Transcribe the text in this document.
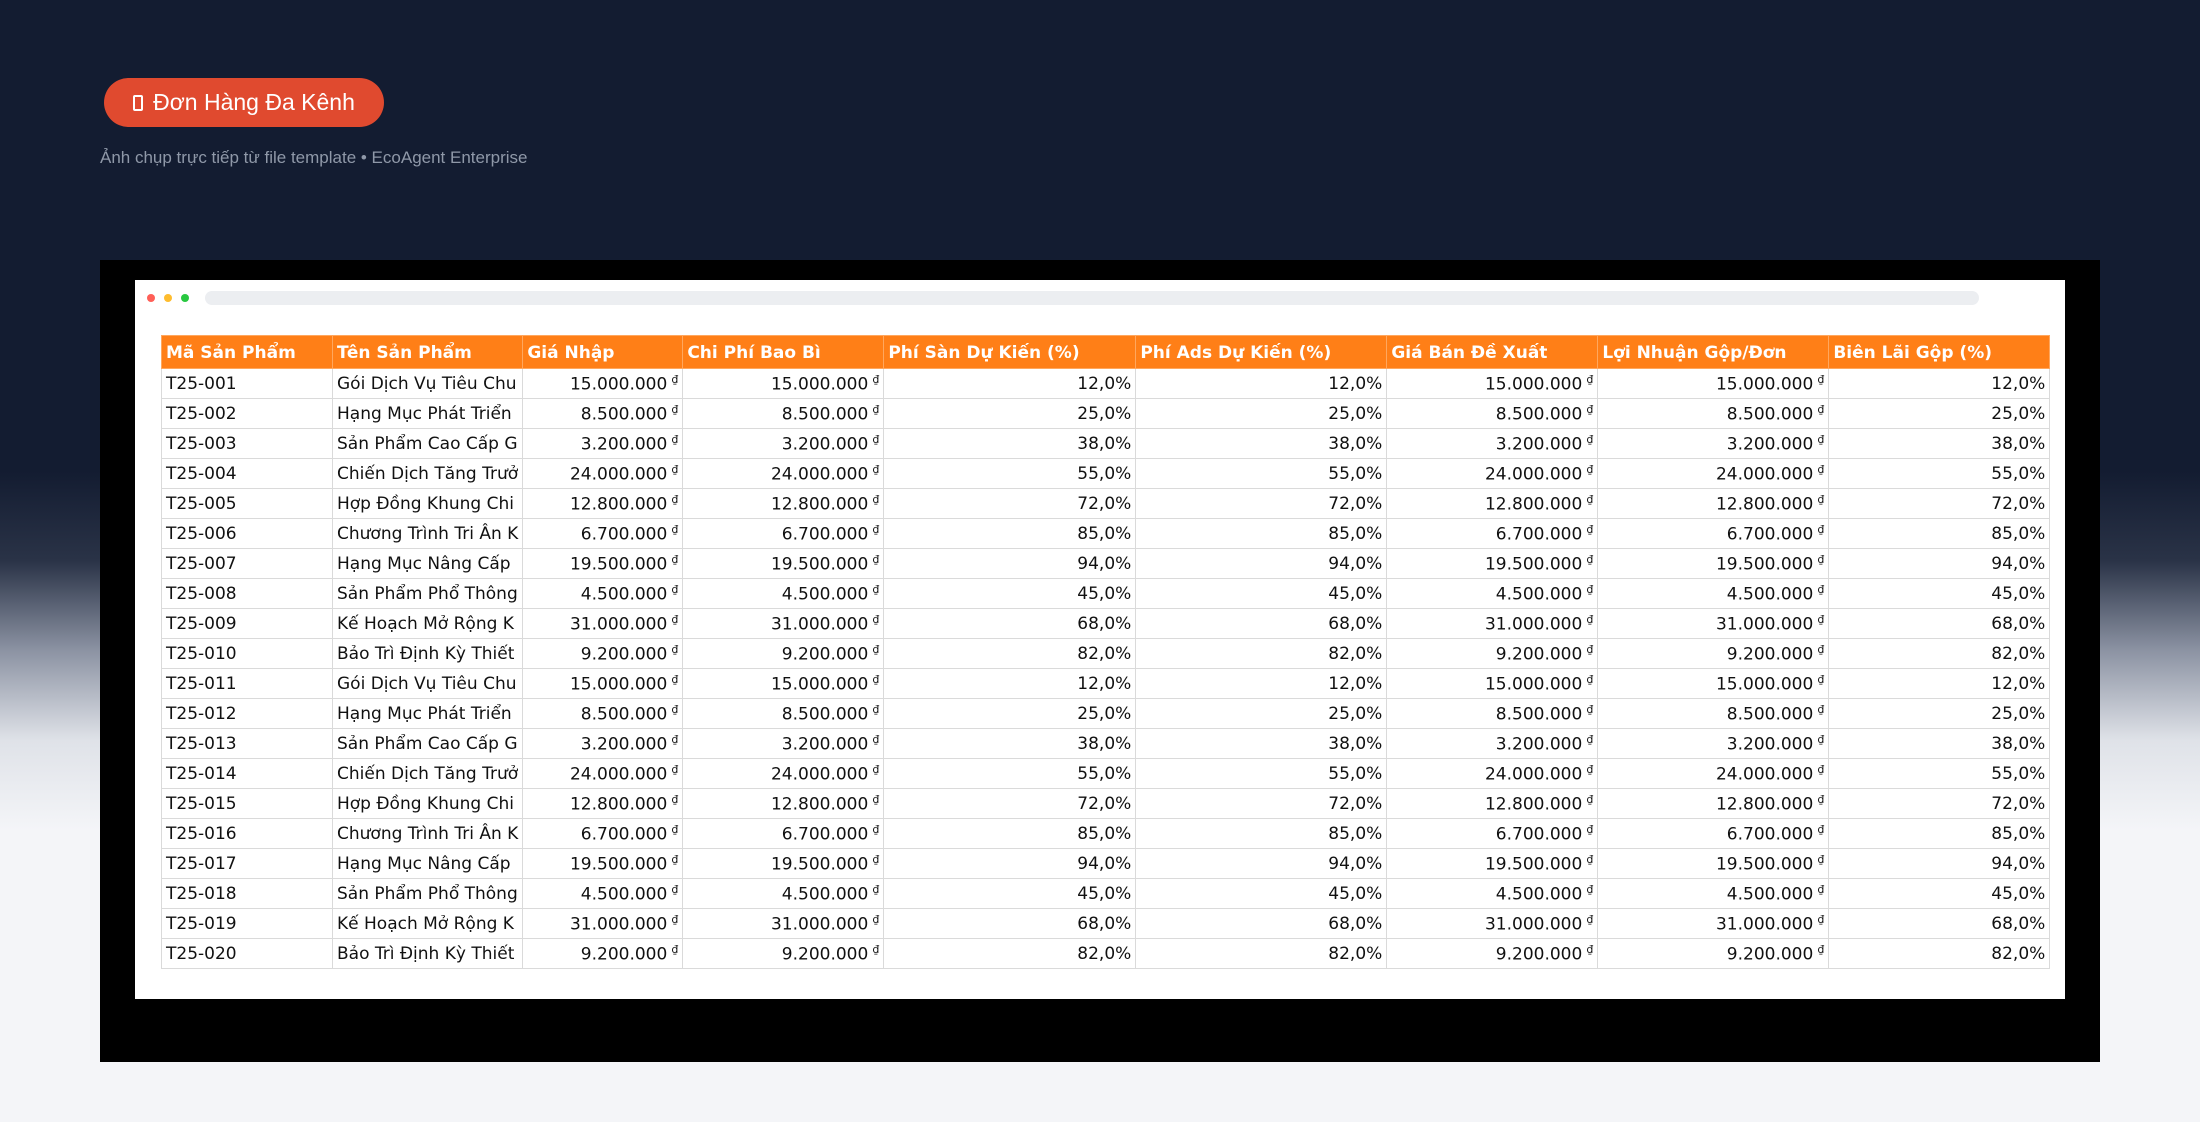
Đơn Hàng Đa Kênh
Ảnh chụp trực tiếp từ file template • EcoAgent Enterprise
Mã Sản Phẩm	Tên Sản Phẩm	Giá Nhập	Chi Phí Bao Bì	Phí Sàn Dự Kiến (%)	Phí Ads Dự Kiến (%)	Giá Bán Đề Xuất	Lợi Nhuận Gộp/Đơn	Biên Lãi Gộp (%)
T25-001	Gói Dịch Vụ Tiêu Chu	15.000.000 ₫	15.000.000 ₫	12,0%	12,0%	15.000.000 ₫	15.000.000 ₫	12,0%
T25-002	Hạng Mục Phát Triển	8.500.000 ₫	8.500.000 ₫	25,0%	25,0%	8.500.000 ₫	8.500.000 ₫	25,0%
T25-003	Sản Phẩm Cao Cấp G	3.200.000 ₫	3.200.000 ₫	38,0%	38,0%	3.200.000 ₫	3.200.000 ₫	38,0%
T25-004	Chiến Dịch Tăng Trưở	24.000.000 ₫	24.000.000 ₫	55,0%	55,0%	24.000.000 ₫	24.000.000 ₫	55,0%
T25-005	Hợp Đồng Khung Chi	12.800.000 ₫	12.800.000 ₫	72,0%	72,0%	12.800.000 ₫	12.800.000 ₫	72,0%
T25-006	Chương Trình Tri Ân K	6.700.000 ₫	6.700.000 ₫	85,0%	85,0%	6.700.000 ₫	6.700.000 ₫	85,0%
T25-007	Hạng Mục Nâng Cấp	19.500.000 ₫	19.500.000 ₫	94,0%	94,0%	19.500.000 ₫	19.500.000 ₫	94,0%
T25-008	Sản Phẩm Phổ Thông	4.500.000 ₫	4.500.000 ₫	45,0%	45,0%	4.500.000 ₫	4.500.000 ₫	45,0%
T25-009	Kế Hoạch Mở Rộng K	31.000.000 ₫	31.000.000 ₫	68,0%	68,0%	31.000.000 ₫	31.000.000 ₫	68,0%
T25-010	Bảo Trì Định Kỳ Thiết	9.200.000 ₫	9.200.000 ₫	82,0%	82,0%	9.200.000 ₫	9.200.000 ₫	82,0%
T25-011	Gói Dịch Vụ Tiêu Chu	15.000.000 ₫	15.000.000 ₫	12,0%	12,0%	15.000.000 ₫	15.000.000 ₫	12,0%
T25-012	Hạng Mục Phát Triển	8.500.000 ₫	8.500.000 ₫	25,0%	25,0%	8.500.000 ₫	8.500.000 ₫	25,0%
T25-013	Sản Phẩm Cao Cấp G	3.200.000 ₫	3.200.000 ₫	38,0%	38,0%	3.200.000 ₫	3.200.000 ₫	38,0%
T25-014	Chiến Dịch Tăng Trưở	24.000.000 ₫	24.000.000 ₫	55,0%	55,0%	24.000.000 ₫	24.000.000 ₫	55,0%
T25-015	Hợp Đồng Khung Chi	12.800.000 ₫	12.800.000 ₫	72,0%	72,0%	12.800.000 ₫	12.800.000 ₫	72,0%
T25-016	Chương Trình Tri Ân K	6.700.000 ₫	6.700.000 ₫	85,0%	85,0%	6.700.000 ₫	6.700.000 ₫	85,0%
T25-017	Hạng Mục Nâng Cấp	19.500.000 ₫	19.500.000 ₫	94,0%	94,0%	19.500.000 ₫	19.500.000 ₫	94,0%
T25-018	Sản Phẩm Phổ Thông	4.500.000 ₫	4.500.000 ₫	45,0%	45,0%	4.500.000 ₫	4.500.000 ₫	45,0%
T25-019	Kế Hoạch Mở Rộng K	31.000.000 ₫	31.000.000 ₫	68,0%	68,0%	31.000.000 ₫	31.000.000 ₫	68,0%
T25-020	Bảo Trì Định Kỳ Thiết	9.200.000 ₫	9.200.000 ₫	82,0%	82,0%	9.200.000 ₫	9.200.000 ₫	82,0%
